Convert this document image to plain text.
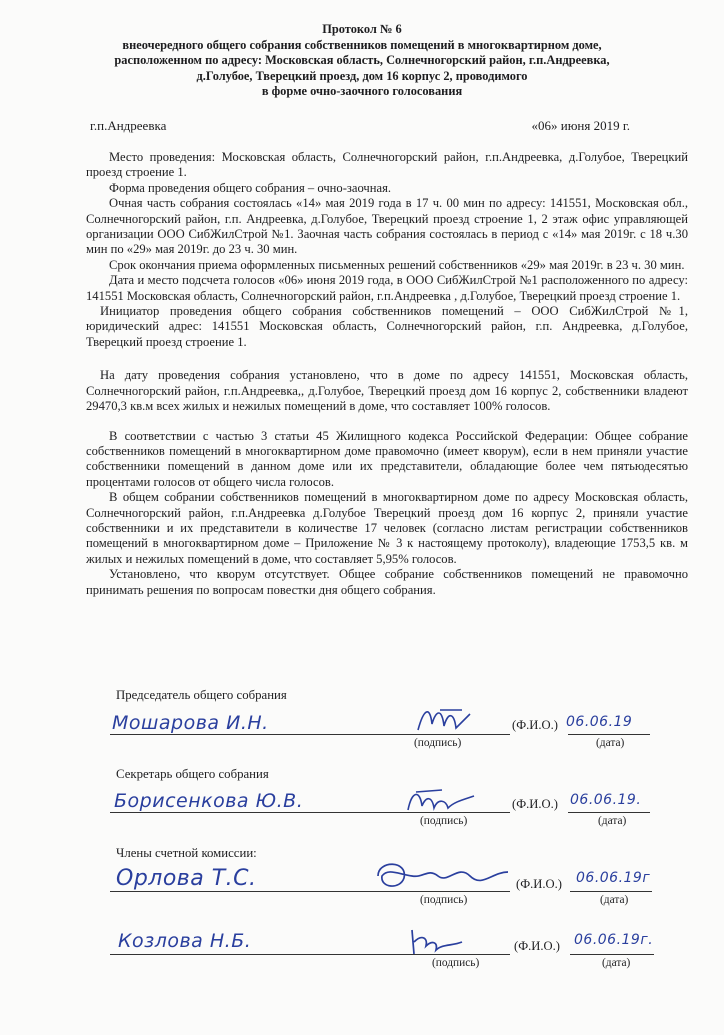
Протокол № 6
внеочередного общего собрания собственников помещений в многоквартирном доме,
расположенном по адресу: Московская область, Солнечногорский район, г.п.Андреевка,
д.Голубое, Тверецкий проезд, дом 16 корпус 2, проводимого
в форме очно-заочного голосования
г.п.Андреевка	«06» июня 2019 г.

Место проведения: Московская область, Солнечногорский район, г.п.Андреевка, д.Голубое, Тверецкий проезд строение 1.

Форма проведения общего собрания – очно-заочная.

Очная часть собрания состоялась «14» мая 2019 года в 17 ч. 00 мин по адресу: 141551, Московская обл., Солнечногорский район, г.п. Андреевка, д.Голубое, Тверецкий проезд строение 1, 2 этаж офис управляющей организации ООО СибЖилСтрой №1. Заочная часть собрания состоялась в период с «14» мая 2019г. с 18 ч.30 мин по «29» мая 2019г. до 23 ч. 30 мин.

Срок окончания приема оформленных письменных решений собственников «29» мая 2019г. в 23 ч. 30 мин.

Дата и место подсчета голосов «06» июня 2019 года, в ООО СибЖилСтрой №1 расположенного по адресу: 141551 Московская область, Солнечногорский район, г.п.Андреевка , д.Голубое, Тверецкий проезд строение 1.

Инициатор проведения общего собрания собственников помещений – ООО СибЖилСтрой №1, юридический адрес: 141551 Московская область, Солнечногорский район, г.п. Андреевка, д.Голубое, Тверецкий проезд строение 1.

На дату проведения собрания установлено, что в доме по адресу 141551, Московская область, Солнечногорский район, г.п.Андреевка,, д.Голубое, Тверецкий проезд дом 16 корпус 2, собственники владеют 29470,3 кв.м всех жилых и нежилых помещений в доме, что составляет 100% голосов.

В соответствии с частью 3 статьи 45 Жилищного кодекса Российской Федерации: Общее собрание собственников помещений в многоквартирном доме правомочно (имеет кворум), если в нем приняли участие собственники помещений в данном доме или их представители, обладающие более чем пятьюдесятью процентами голосов от общего числа голосов.

В общем собрании собственников помещений в многоквартирном доме по адресу Московская область, Солнечногорский район, г.п.Андреевка д.Голубое Тверецкий проезд дом 16 корпус 2, приняли участие собственники и их представители в количестве 17 человек (согласно листам регистрации собственников помещений в многоквартирном доме – Приложение № 3 к настоящему протоколу), владеющие 1753,5 кв. м жилых и нежилых помещений в доме, что составляет 5,95% голосов.

Установлено, что кворум отсутствует. Общее собрание собственников помещений не правомочно принимать решения по вопросам повестки дня общего собрания.

Председатель общего собрания
Мошарова И.Н.	(Ф.И.О.) 06.06.19
(подпись)	(дата)
Секретарь общего собрания
Борисенкова Ю.В.	(Ф.И.О.) 06.06.19.
(подпись)	(дата)
Члены счетной комиссии:
Орлова Т.С.	(Ф.И.О.) 06.06.19г
(подпись)	(дата)
Козлова Н.Б.	(Ф.И.О.) 06.06.19г.
(подпись)	(дата)
